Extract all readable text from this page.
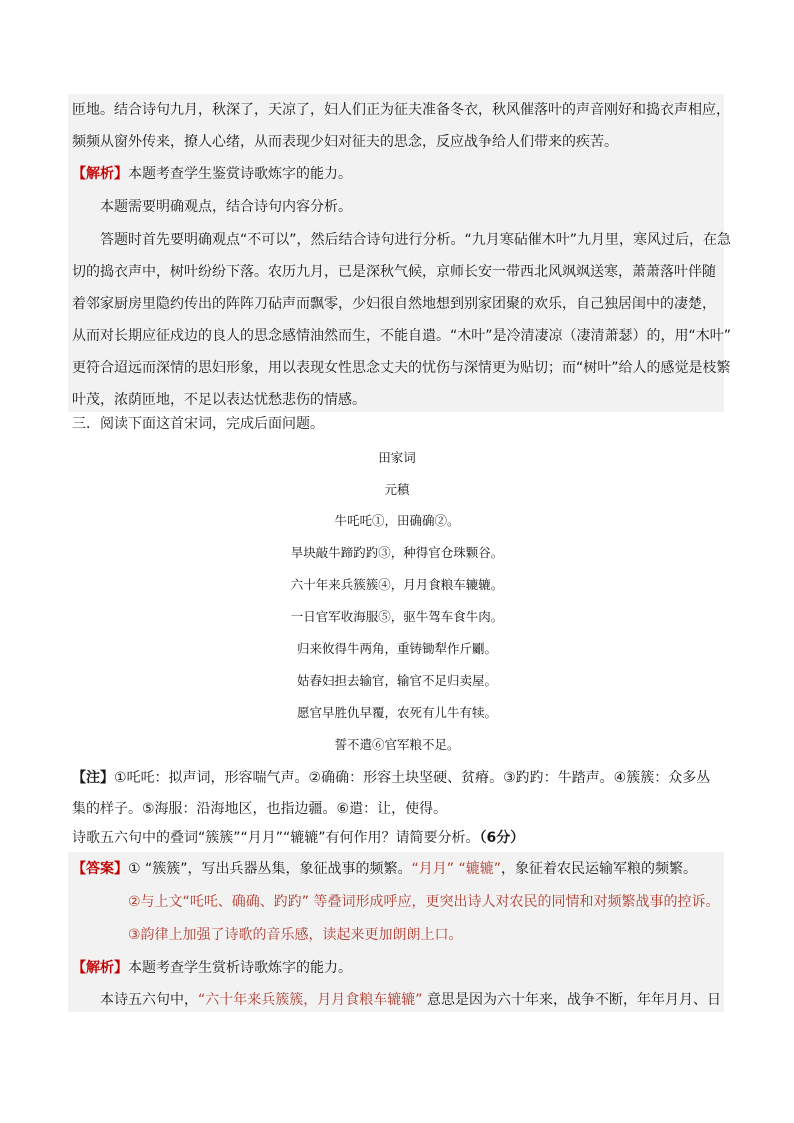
匝地。结合诗句九月，秋深了，天凉了，妇人们正为征夫准备冬衣，秋风催落叶的声音刚好和捣衣声相应，
频频从窗外传来，撩人心绪，从而表现少妇对征夫的思念，反应战争给人们带来的疾苦。
【解析】本题考查学生鉴赏诗歌炼字的能力。
本题需要明确观点，结合诗句内容分析。
答题时首先要明确观点“不可以”，然后结合诗句进行分析。“九月寒砧催木叶”九月里，寒风过后，在急
切的捣衣声中，树叶纷纷下落。农历九月，已是深秋气候，京师长安一带西北风飒飒送寒，萧萧落叶伴随
着邻家厨房里隐约传出的阵阵刀砧声而飘零，少妇很自然地想到别家团聚的欢乐，自己独居闺中的凄楚，
从而对长期应征戍边的良人的思念感情油然而生，不能自遣。“木叶”是冷清凄凉（凄清萧瑟）的，用“木叶”
更符合迢远而深情的思妇形象，用以表现女性思念丈夫的忧伤与深情更为贴切；而“树叶”给人的感觉是枝繁
叶茂，浓荫匝地，不足以表达忧愁悲伤的情感。
三．阅读下面这首宋词，完成后面问题。
田家词
元稹
牛吒吒①，田确确②。
旱块敲牛蹄趵趵③，种得官仓珠颗谷。
六十年来兵簇簇④，月月食粮车辘辘。
一日官军收海服⑤，驱牛驾车食牛肉。
归来攸得牛两角，重铸锄犁作斤劚。
姑舂妇担去输官，输官不足归卖屋。
愿官早胜仇早覆，农死有儿牛有犊。
誓不遣⑥官军粮不足。
【注】①吒吒：拟声词，形容喘气声。②确确：形容土块坚硬、贫瘠。③趵趵：牛踏声。④簇簇：众多丛
集的样子。⑤海服：沿海地区，也指边疆。⑥遣：让，使得。
诗歌五六句中的叠词“簇簇”“月月”“辘辘”有何作用？请简要分析。（6分）
【答案】① “簇簇”，写出兵器丛集，象征战事的频繁。“月月” “辘辘”，象征着农民运输军粮的频繁。
②与上文“吒吒、确确、趵趵” 等叠词形成呼应，更突出诗人对农民的同情和对频繁战事的控诉。
③韵律上加强了诗歌的音乐感，读起来更加朗朗上口。
【解析】本题考查学生赏析诗歌炼字的能力。
本诗五六句中，“六十年来兵簇簇，月月食粮车辘辘” 意思是因为六十年来，战争不断，年年月月、日
